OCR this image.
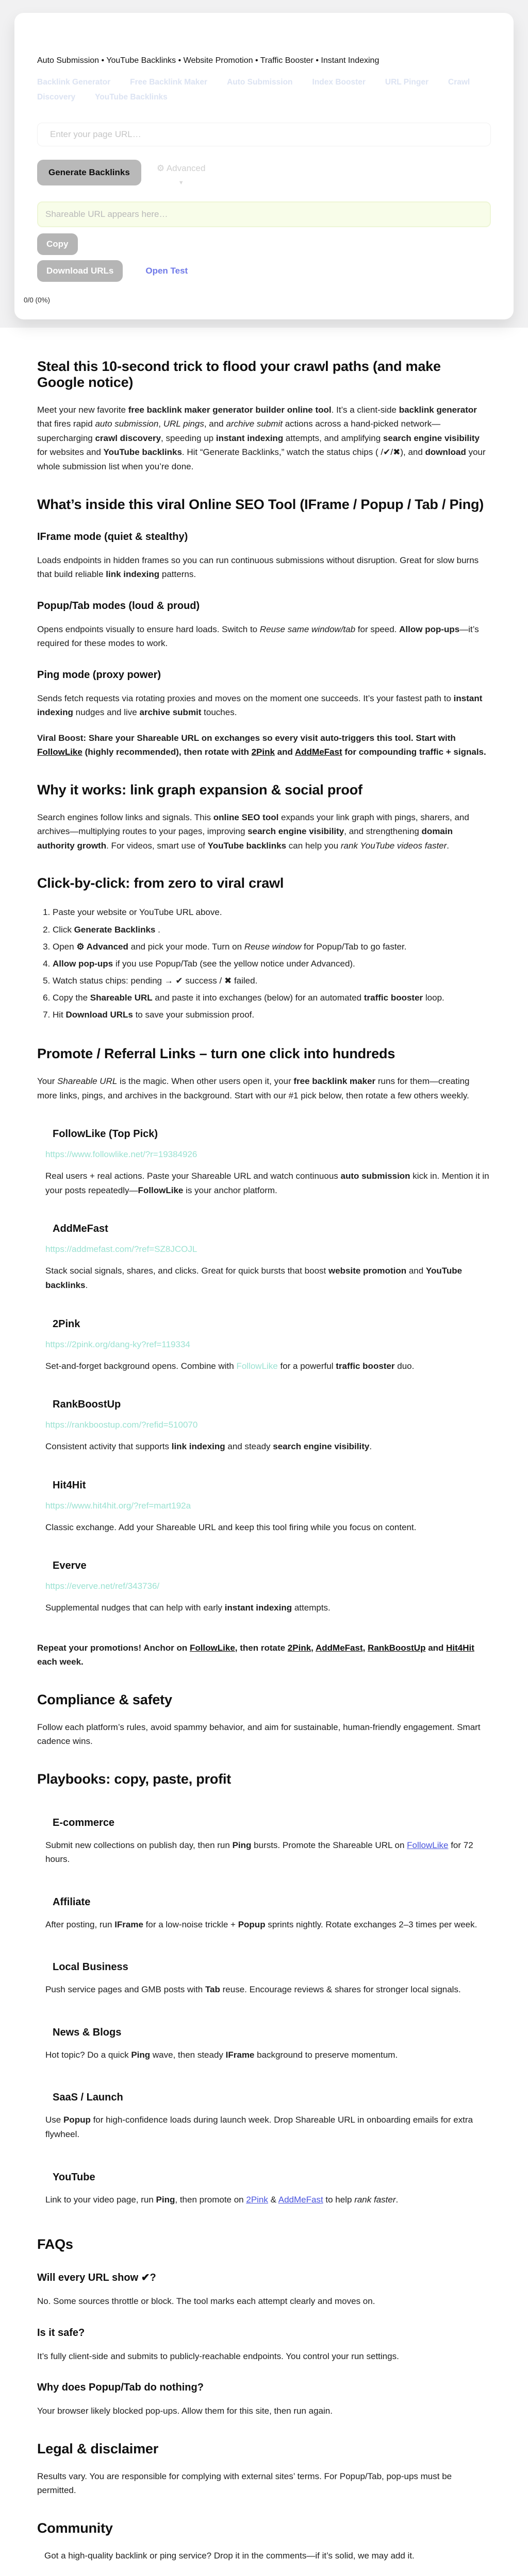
Auto Submission • YouTube Backlinks • Website Promotion • Traffic Booster • Instant Indexing

Backlink Generator Free Backlink Maker Auto Submission Index Booster URL Pinger Crawl Discovery YouTube Backlinks
Enter your page URL…
Generate Backlinks	⚙ Advanced
▼
Shareable URL appears here…
Copy
Download URLs	Open Test
0/0 (0%)
Steal this 10-second trick to flood your crawl paths (and make Google notice)

Meet your new favorite free backlink maker generator builder online tool. It’s a client-side backlink generator that fires rapid auto submission, URL pings, and archive submit actions across a hand-picked network—supercharging crawl discovery, speeding up instant indexing attempts, and amplifying search engine visibility for websites and YouTube backlinks. Hit “Generate Backlinks,” watch the status chips ( /✔/✖), and download your whole submission list when you’re done.

What’s inside this viral Online SEO Tool (IFrame / Popup / Tab / Ping)
IFrame mode (quiet & stealthy)

Loads endpoints in hidden frames so you can run continuous submissions without disruption. Great for slow burns that build reliable link indexing patterns.

Popup/Tab modes (loud & proud)

Opens endpoints visually to ensure hard loads. Switch to Reuse same window/tab for speed. Allow pop-ups—it’s required for these modes to work.

Ping mode (proxy power)

Sends fetch requests via rotating proxies and moves on the moment one succeeds. It’s your fastest path to instant indexing nudges and live archive submit touches.

Viral Boost: Share your Shareable URL on exchanges so every visit auto-triggers this tool. Start with FollowLike (highly recommended), then rotate with 2Pink and AddMeFast for compounding traffic + signals.

Why it works: link graph expansion & social proof

Search engines follow links and signals. This online SEO tool expands your link graph with pings, sharers, and archives—multiplying routes to your pages, improving search engine visibility, and strengthening domain authority growth. For videos, smart use of YouTube backlinks can help you rank YouTube videos faster.

Click-by-click: from zero to viral crawl
1. Paste your website or YouTube URL above.
2. Click Generate Backlinks .
3. Open ⚙ Advanced and pick your mode. Turn on Reuse window for Popup/Tab to go faster.
4. Allow pop-ups if you use Popup/Tab (see the yellow notice under Advanced).
5. Watch status chips: pending → ✔ success / ✖ failed.
6. Copy the Shareable URL and paste it into exchanges (below) for an automated traffic booster loop.
7. Hit Download URLs to save your submission proof.
Promote / Referral Links – turn one click into hundreds

Your Shareable URL is the magic. When other users open it, your free backlink maker runs for them—creating more links, pings, and archives in the background. Start with our #1 pick below, then rotate a few others weekly.

FollowLike (Top Pick)
https://www.followlike.net/?r=19384926

Real users + real actions. Paste your Shareable URL and watch continuous auto submission kick in. Mention it in your posts repeatedly—FollowLike is your anchor platform.

AddMeFast
https://addmefast.com/?ref=SZ8JCOJL

Stack social signals, shares, and clicks. Great for quick bursts that boost website promotion and YouTube backlinks.

2Pink
https://2pink.org/dang-ky?ref=119334

Set-and-forget background opens. Combine with FollowLike for a powerful traffic booster duo.

RankBoostUp
https://rankboostup.com/?refid=510070

Consistent activity that supports link indexing and steady search engine visibility.

Hit4Hit
https://www.hit4hit.org/?ref=mart192a

Classic exchange. Add your Shareable URL and keep this tool firing while you focus on content.

Everve
https://everve.net/ref/343736/

Supplemental nudges that can help with early instant indexing attempts.

Repeat your promotions! Anchor on FollowLike, then rotate 2Pink, AddMeFast, RankBoostUp and Hit4Hit each week.

Compliance & safety

Follow each platform’s rules, avoid spammy behavior, and aim for sustainable, human-friendly engagement. Smart cadence wins.

Playbooks: copy, paste, profit
E-commerce

Submit new collections on publish day, then run Ping bursts. Promote the Shareable URL on FollowLike for 72 hours.

Affiliate

After posting, run IFrame for a low-noise trickle + Popup sprints nightly. Rotate exchanges 2–3 times per week.

Local Business

Push service pages and GMB posts with Tab reuse. Encourage reviews & shares for stronger local signals.

News & Blogs

Hot topic? Do a quick Ping wave, then steady IFrame background to preserve momentum.

SaaS / Launch

Use Popup for high-confidence loads during launch week. Drop Shareable URL in onboarding emails for extra flywheel.

YouTube

Link to your video page, run Ping, then promote on 2Pink & AddMeFast to help rank faster.

FAQs
Will every URL show ✔?

No. Some sources throttle or block. The tool marks each attempt clearly and moves on.

Is it safe?

It’s fully client-side and submits to publicly-reachable endpoints. You control your run settings.

Why does Popup/Tab do nothing?

Your browser likely blocked pop-ups. Allow them for this site, then run again.

Legal & disclaimer

Results vary. You are responsible for complying with external sites’ terms. For Popup/Tab, pop-ups must be permitted.

Community

Got a high-quality backlink or ping service? Drop it in the comments—if it’s solid, we may add it.
